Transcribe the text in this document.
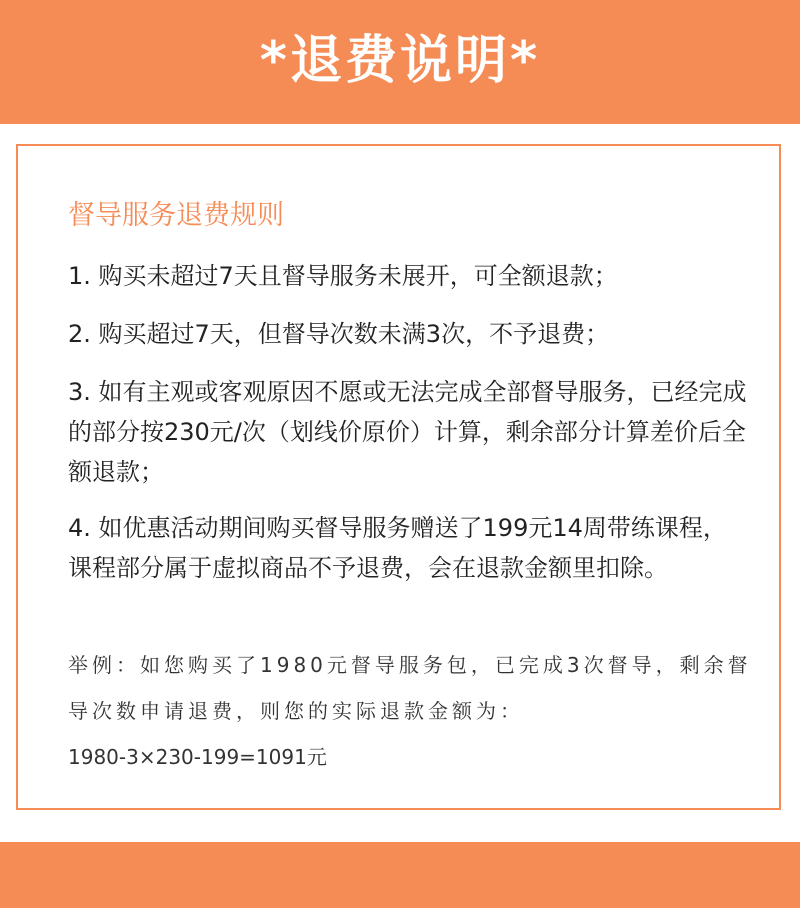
*退费说明*
督导服务退费规则

1. 购买未超过7天且督导服务未展开，可全额退款；

2. 购买超过7天，但督导次数未满3次，不予退费；

3. 如有主观或客观原因不愿或无法完成全部督导服务，已经完成的部分按230元/次（划线价原价）计算，剩余部分计算差价后全额退款；

4. 如优惠活动期间购买督导服务赠送了199元14周带练课程，课程部分属于虚拟商品不予退费，会在退款金额里扣除。

举例：如您购买了1980元督导服务包，已完成3次督导，剩余督导次数申请退费，则您的实际退款金额为：

1980-3×230-199=1091元
